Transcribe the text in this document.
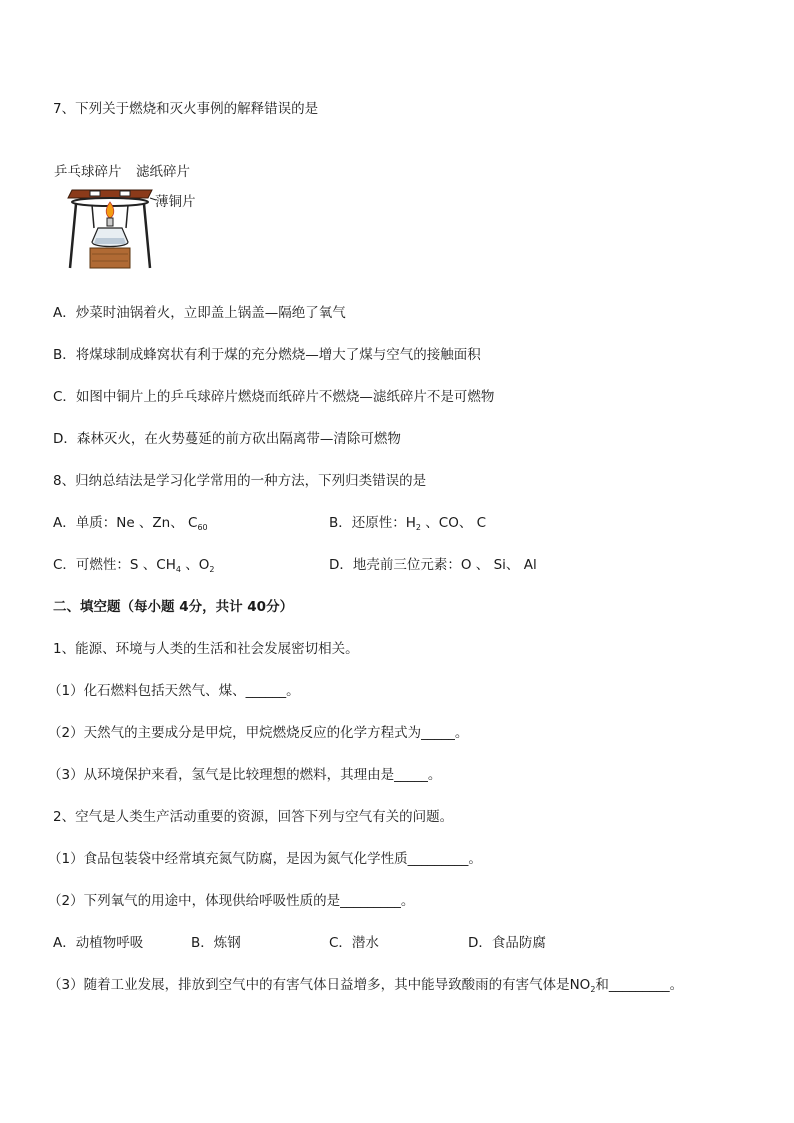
7、下列关于燃烧和灭火事例的解释错误的是
乒乓球碎片 滤纸碎片
薄铜片
A．炒菜时油锅着火，立即盖上锅盖—隔绝了氧气
B．将煤球制成蜂窝状有利于煤的充分燃烧—增大了煤与空气的接触面积
C．如图中铜片上的乒乓球碎片燃烧而纸碎片不燃烧—滤纸碎片不是可燃物
D．森林灭火，在火势蔓延的前方砍出隔离带—清除可燃物
8、归纳总结法是学习化学常用的一种方法，下列归类错误的是
A．单质：Ne 、Zn、 $C_{60}$	B．还原性：$H_2$ 、CO、 C
C．可燃性：S 、$CH_4$ 、$O_2$	D．地壳前三位元素：O 、 Si、 Al
二、填空题（每小题 4分，共计 40分）
1、能源、环境与人类的生活和社会发展密切相关。
（1）化石燃料包括天然气、煤、______。
（2）天然气的主要成分是甲烷，甲烷燃烧反应的化学方程式为_____。
（3）从环境保护来看，氢气是比较理想的燃料，其理由是_____。
2、空气是人类生产活动重要的资源，回答下列与空气有关的问题。
（1）食品包装袋中经常填充氮气防腐，是因为氮气化学性质_________。
（2）下列氧气的用途中，体现供给呼吸性质的是_________。
A．动植物呼吸	B．炼钢	C．潜水	D．食品防腐
（3）随着工业发展，排放到空气中的有害气体日益增多，其中能导致酸雨的有害气体是$NO_2$和_________。
